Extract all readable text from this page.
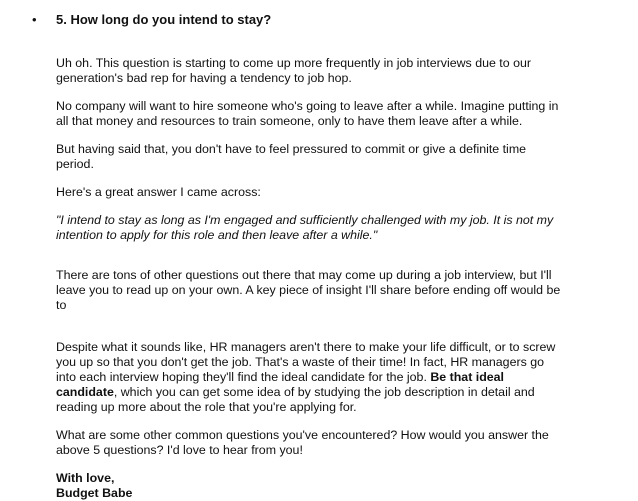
• 5. How long do you intend to stay?

Uh oh. This question is starting to come up more frequently in job interviews due to our

generation's bad rep for having a tendency to job hop.

No company will want to hire someone who's going to leave after a while. Imagine putting in

all that money and resources to train someone, only to have them leave after a while.

But having said that, you don't have to feel pressured to commit or give a definite time

period.

Here's a great answer I came across:

"I intend to stay as long as I'm engaged and sufficiently challenged with my job. It is not my

intention to apply for this role and then leave after a while."

There are tons of other questions out there that may come up during a job interview, but I'll

leave you to read up on your own. A key piece of insight I'll share before ending off would be

to

Despite what it sounds like, HR managers aren't there to make your life difficult, or to screw

you up so that you don't get the job. That's a waste of their time! In fact, HR managers go

into each interview hoping they'll find the ideal candidate for the job. Be that ideal

candidate, which you can get some idea of by studying the job description in detail and

reading up more about the role that you're applying for.

What are some other common questions you've encountered? How would you answer the

above 5 questions? I'd love to hear from you!

With love,

Budget Babe
